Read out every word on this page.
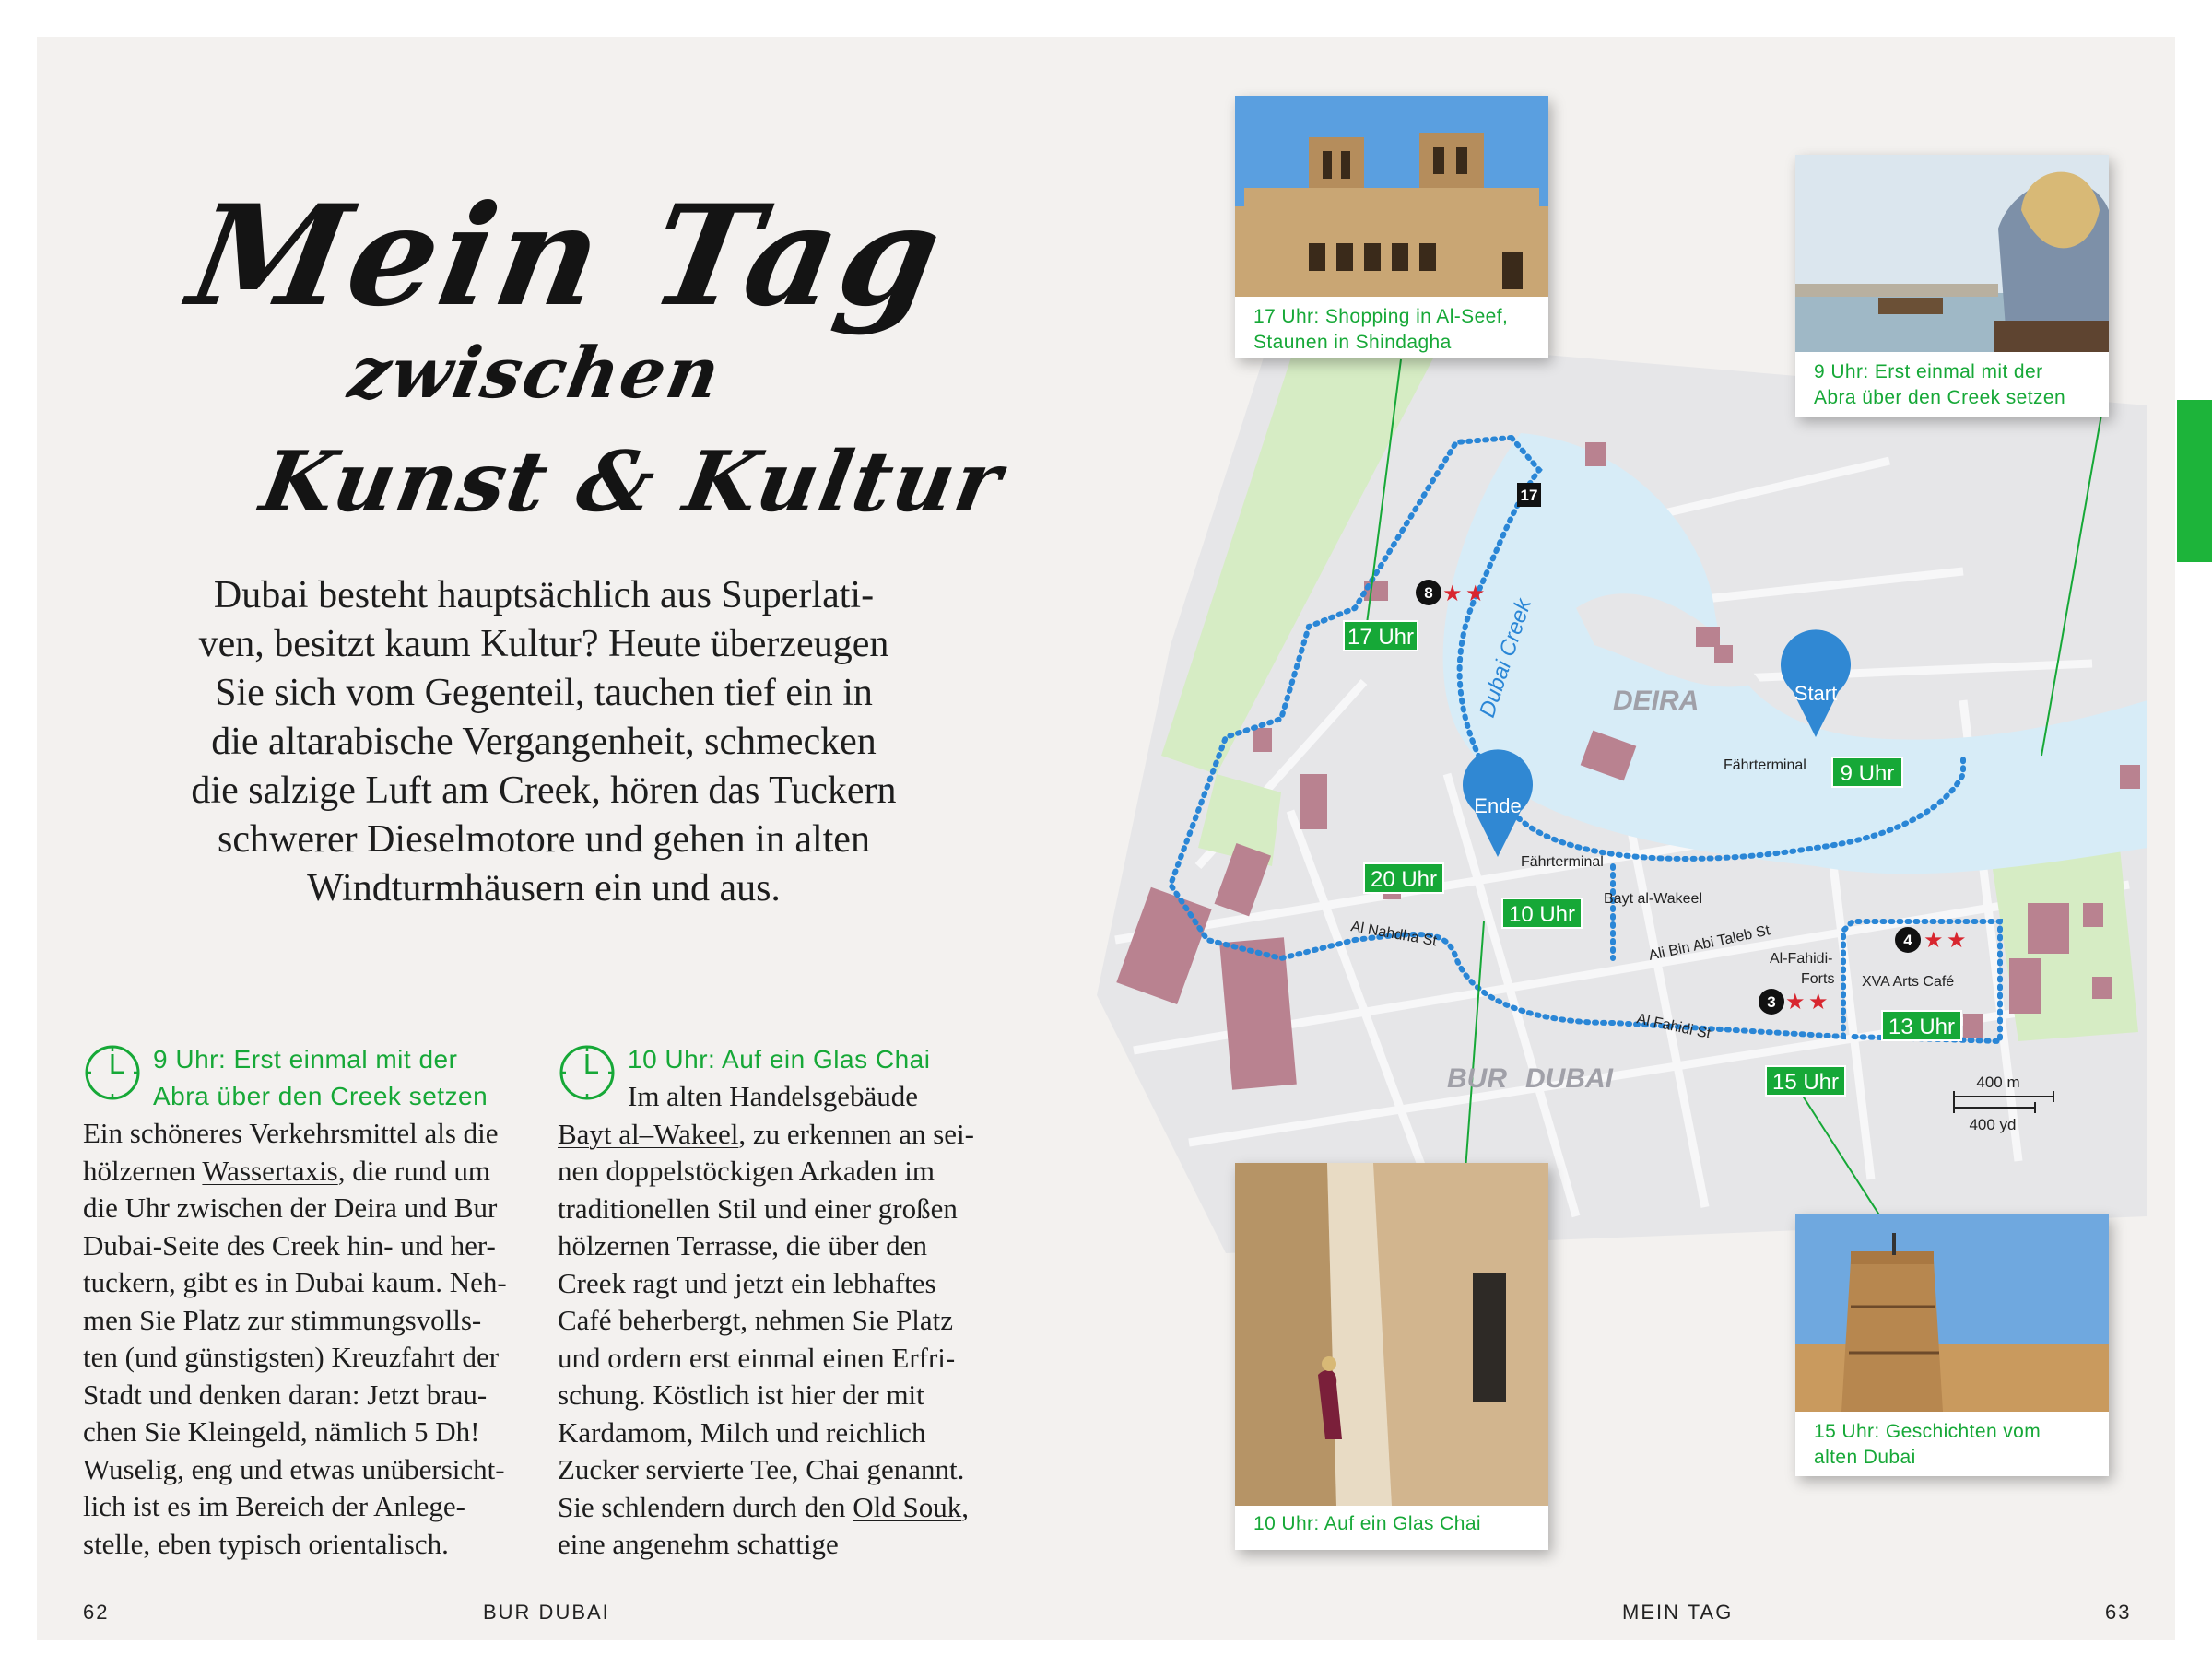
Mein Tag
zwischen
Kunst & Kultur
Dubai besteht hauptsächlich aus Superlati-
ven, besitzt kaum Kultur? Heute überzeugen
Sie sich vom Gegenteil, tauchen tief ein in
die altarabische Vergangenheit, schmecken
die salzige Luft am Creek, hören das Tuckern
schwerer Dieselmotore und gehen in alten
Windturmhäusern ein und aus.
9 Uhr: Erst einmal mit der
Abra über den Creek setzen
Ein schöneres Verkehrsmittel als die
hölzernen Wassertaxis, die rund um
die Uhr zwischen der Deira und Bur
Dubai-Seite des Creek hin- und her-
tuckern, gibt es in Dubai kaum. Neh-
men Sie Platz zur stimmungsvolls-
ten (und günstigsten) Kreuzfahrt der
Stadt und denken daran: Jetzt brau-
chen Sie Kleingeld, nämlich 5 Dh!
Wuselig, eng und etwas unübersicht-
lich ist es im Bereich der Anlege-
stelle, eben typisch orientalisch.
10 Uhr: Auf ein Glas Chai
Im alten Handelsgebäude
Bayt al–Wakeel, zu erkennen an sei-
nen doppelstöckigen Arkaden im
traditionellen Stil und einer großen
hölzernen Terrasse, die über den
Creek ragt und jetzt ein lebhaftes
Café beherbergt, nehmen Sie Platz
und ordern erst einmal einen Erfri-
schung. Köstlich ist hier der mit
Kardamom, Milch und reichlich
Zucker servierte Tee, Chai genannt.
Sie schlendern durch den Old Souk,
eine angenehm schattige
Dubai Creek	DEIRA
BUR DUBAI
Fährterminal
Fährterminal
Bayt al-Wakeel
Al Nahdha St	Ali Bin Abi Taleb St
Al-Fahidi-
Forts XVA Arts Café
Al Fahidi St
Start
Ende
17
8
4
3
★ ★
★ ★
★ ★
17 Uhr
9 Uhr
20 Uhr
10 Uhr
13 Uhr
15 Uhr	400 m
400 yd
17 Uhr: Shopping in Al-Seef,
Staunen in Shindagha
9 Uhr: Erst einmal mit der
Abra über den Creek setzen
10 Uhr: Auf ein Glas Chai
15 Uhr: Geschichten vom
alten Dubai
62	BUR DUBAI	MEIN TAG	63
